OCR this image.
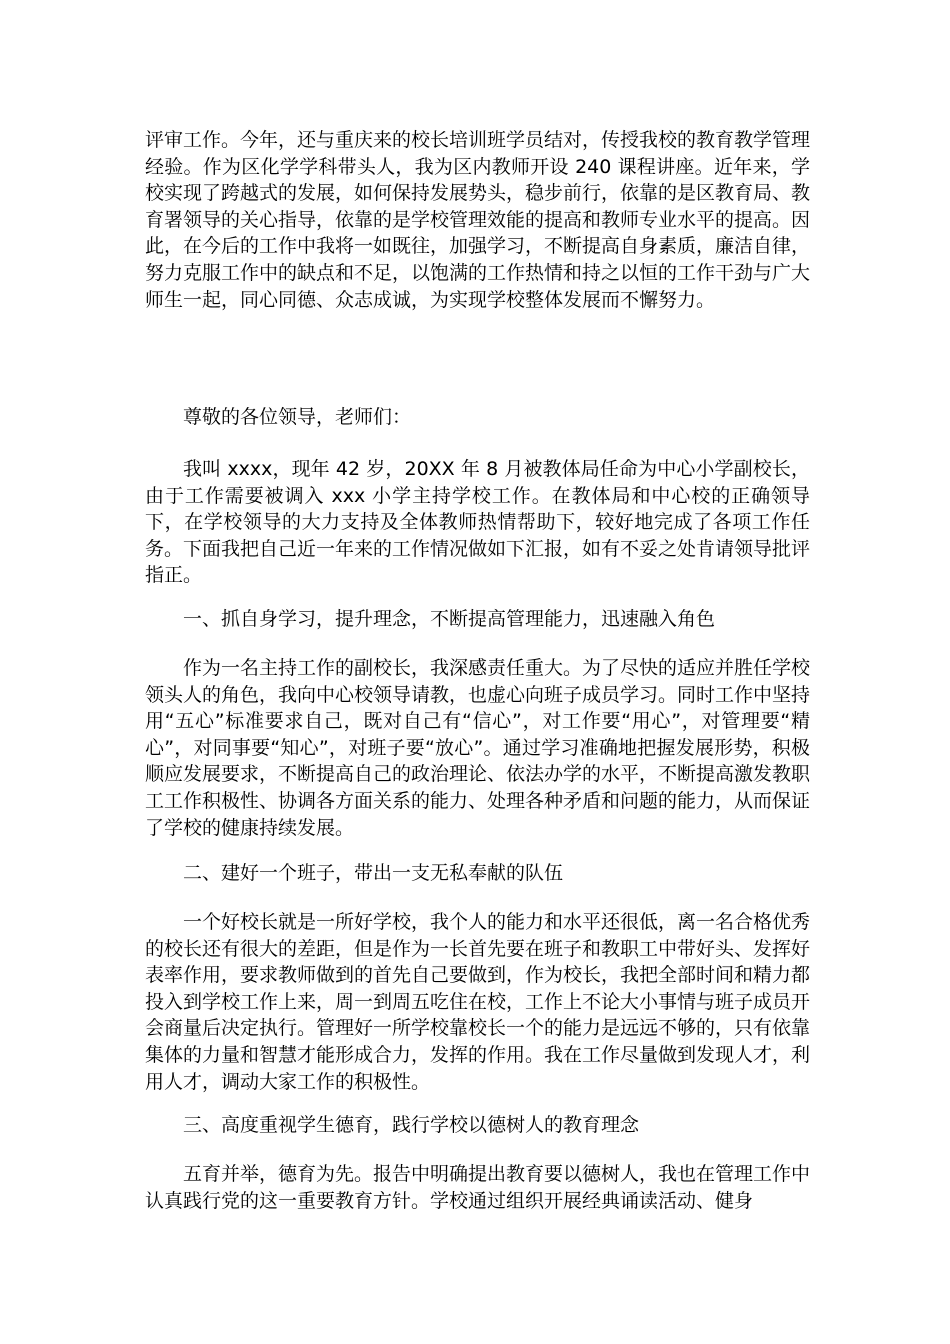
评审工作。今年，还与重庆来的校长培训班学员结对，传授我校的教育教学管理经验。作为区化学学科带头人，我为区内教师开设 240 课程讲座。近年来，学校实现了跨越式的发展，如何保持发展势头，稳步前行，依靠的是区教育局、教育署领导的关心指导，依靠的是学校管理效能的提高和教师专业水平的提高。因此，在今后的工作中我将一如既往，加强学习，不断提高自身素质，廉洁自律，努力克服工作中的缺点和不足，以饱满的工作热情和持之以恒的工作干劲与广大师生一起，同心同德、众志成诚，为实现学校整体发展而不懈努力。

尊敬的各位领导，老师们：

我叫 xxxx，现年 42 岁，20XX 年 8 月被教体局任命为中心小学副校长，由于工作需要被调入 xxx 小学主持学校工作。在教体局和中心校的正确领导下，在学校领导的大力支持及全体教师热情帮助下，较好地完成了各项工作任务。下面我把自己近一年来的工作情况做如下汇报，如有不妥之处肯请领导批评指正。

一、抓自身学习，提升理念，不断提高管理能力，迅速融入角色

作为一名主持工作的副校长，我深感责任重大。为了尽快的适应并胜任学校领头人的角色，我向中心校领导请教，也虚心向班子成员学习。同时工作中坚持用“五心”标准要求自己，既对自己有“信心”，对工作要“用心”，对管理要“精心”，对同事要“知心”，对班子要“放心”。通过学习准确地把握发展形势，积极顺应发展要求，不断提高自己的政治理论、依法办学的水平，不断提高激发教职工工作积极性、协调各方面关系的能力、处理各种矛盾和问题的能力，从而保证了学校的健康持续发展。

二、建好一个班子，带出一支无私奉献的队伍

一个好校长就是一所好学校，我个人的能力和水平还很低，离一名合格优秀的校长还有很大的差距，但是作为一长首先要在班子和教职工中带好头、发挥好表率作用，要求教师做到的首先自己要做到，作为校长，我把全部时间和精力都投入到学校工作上来，周一到周五吃住在校，工作上不论大小事情与班子成员开会商量后决定执行。管理好一所学校靠校长一个的能力是远远不够的，只有依靠集体的力量和智慧才能形成合力，发挥的作用。我在工作尽量做到发现人才，利用人才，调动大家工作的积极性。

三、高度重视学生德育，践行学校以德树人的教育理念

五育并举，德育为先。报告中明确提出教育要以德树人，我也在管理工作中认真践行党的这一重要教育方针。学校通过组织开展经典诵读活动、健身
